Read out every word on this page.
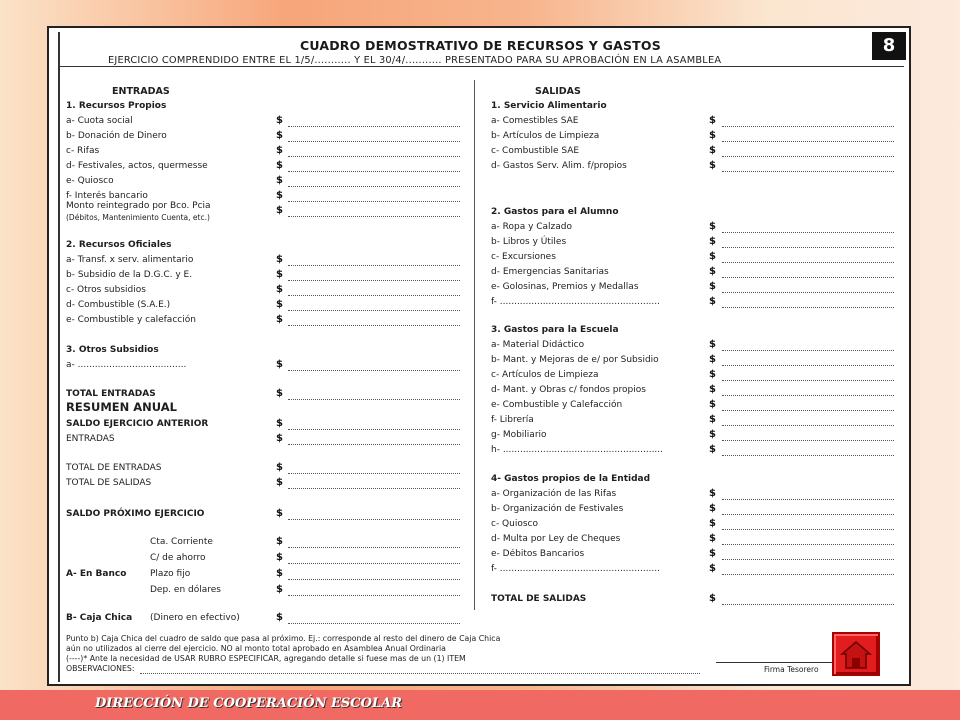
8
CUADRO DEMOSTRATIVO DE RECURSOS Y GASTOS
EJERCICIO COMPRENDIDO ENTRE EL 1/5/........... Y EL 30/4/........... PRESENTADO PARA SU APROBACIÓN EN LA ASAMBLEA
ENTRADAS
1. Recursos Propios
a- Cuota social
b- Donación de Dinero
c- Rifas
d- Festivales, actos, quermesse
e- Quiosco
f- Interés bancario
Monto reintegrado por Bco. Pcia
(Débitos, Mantenimiento Cuenta, etc.)
2. Recursos Oficiales
a- Transf. x serv. alimentario
b- Subsidio de la D.G.C. y E.
c- Otros subsidios
d- Combustible (S.A.E.)
e- Combustible y calefacción
3. Otros Subsidios
a- ......................................
TOTAL ENTRADAS
RESUMEN ANUAL
SALDO EJERCICIO ANTERIOR
ENTRADAS
TOTAL DE ENTRADAS
TOTAL DE SALIDAS
SALDO PRÓXIMO EJERCICIO
Cta. Corriente
C/ de ahorro
A- En Banco	Plazo fijo
Dep. en dólares
B- Caja Chica (Dinero en efectivo)
$
$
$
$
$
$
$
$
$
$
$
$
$
$
$
$
$
$
$
$
$
$
$
$
SALIDAS
1. Servicio Alimentario
a- Comestibles SAE
b- Artículos de Limpieza
c- Combustible SAE
d- Gastos Serv. Alim. f/propios
2. Gastos para el Alumno
a- Ropa y Calzado
b- Libros y Útiles
c- Excursiones
d- Emergencias Sanitarias
e- Golosinas, Premios y Medallas
f- ........................................................
3. Gastos para la Escuela
a- Material Didáctico
b- Mant. y Mejoras de e/ por Subsidio
c- Artículos de Limpieza
d- Mant. y Obras c/ fondos propios
e- Combustible y Calefacción
f- Librería
g- Mobiliario
h- ........................................................
4- Gastos propios de la Entidad
a- Organización de las Rifas
b- Organización de Festivales
c- Quiosco
d- Multa por Ley de Cheques
e- Débitos Bancarios
f- ........................................................
TOTAL DE SALIDAS
$
$
$
$
$
$
$
$
$
$
$
$
$
$
$
$
$
$
$
$
$
$
$
$
$
Punto b) Caja Chica del cuadro de saldo que pasa al próximo. Ej.: corresponde al resto del dinero de Caja Chica
aún no utilizados al cierre del ejercicio. NO al monto total aprobado en Asamblea Anual Ordinaria
(----)* Ante la necesidad de USAR RUBRO ESPECIFICAR, agregando detalle si fuese mas de un (1) ITEM
OBSERVACIONES:	Firma Tesorero
DIRECCIÓN DE COOPERACIÓN ESCOLAR
